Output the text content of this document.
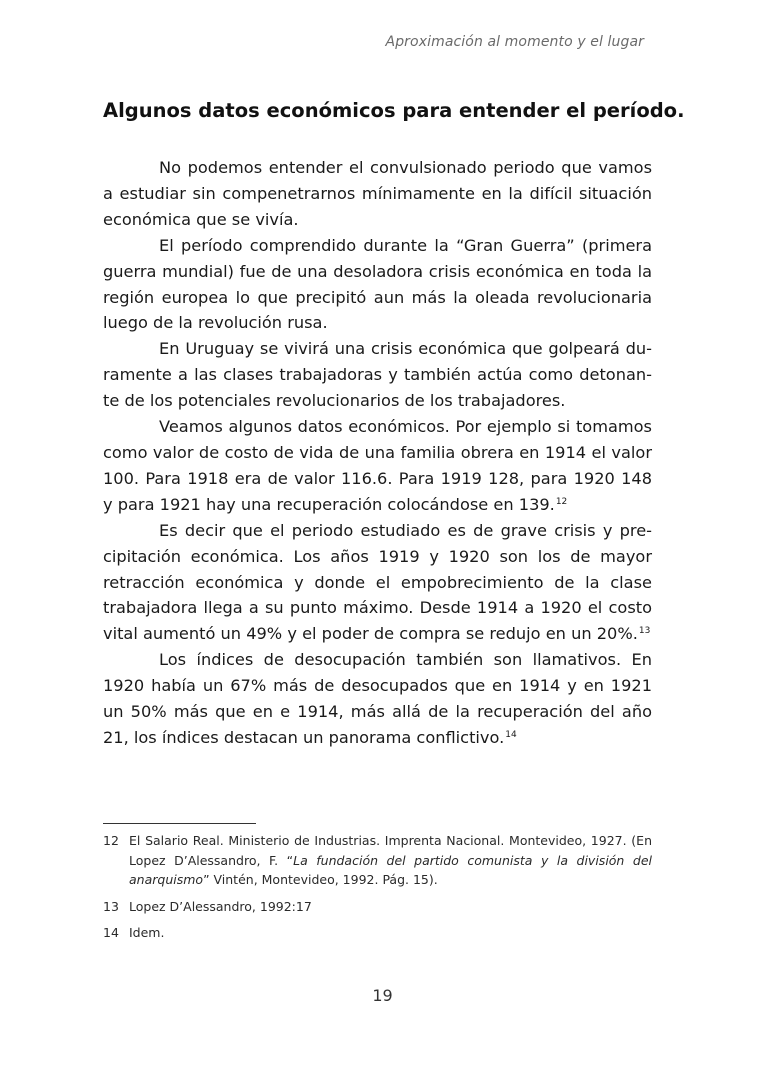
Aproximación al momento y el lugar
Algunos datos económicos para entender el período.

No podemos entender el convulsionado periodo que vamos a estudiar sin compenetrarnos mínimamente en la difícil situación económica que se vivía.

El período comprendido durante la “Gran Guerra” (primera guerra mundial) fue de una desoladora crisis económica en toda la región europea lo que precipitó aun más la oleada revolucionaria luego de la revolución rusa.

En Uruguay se vivirá una crisis económica que golpeará duramente a las clases trabajadoras y también actúa como detonante de los potenciales revolucionarios de los trabajadores.

Veamos algunos datos económicos. Por ejemplo si tomamos como valor de costo de vida de una familia obrera en 1914 el valor 100. Para 1918 era de valor 116.6. Para 1919 128, para 1920 148 y para 1921 hay una recuperación colocándose en 139.12

Es decir que el periodo estudiado es de grave crisis y precipitación económica. Los años 1919 y 1920 son los de mayor retracción económica y donde el empobrecimiento de la clase trabajadora llega a su punto máximo. Desde 1914 a 1920 el costo vital aumentó un 49% y el poder de compra se redujo en un 20%.$^{13}$

Los índices de desocupación también son llamativos. En 1920 había un 67% más de desocupados que en 1914 y en 1921 un 50% más que en e 1914, más allá de la recuperación del año 21, los índices destacan un panorama conflictivo.$^{14}$

12 El Salario Real. Ministerio de Industrias. Imprenta Nacional. Montevideo, 1927. (En Lopez D’Alessandro, F. “La fundación del partido comunista y la división del anarquismo” Vintén, Montevideo, 1992. Pág. 15).
13 Lopez D’Alessandro, 1992:17
14 Idem.
19
